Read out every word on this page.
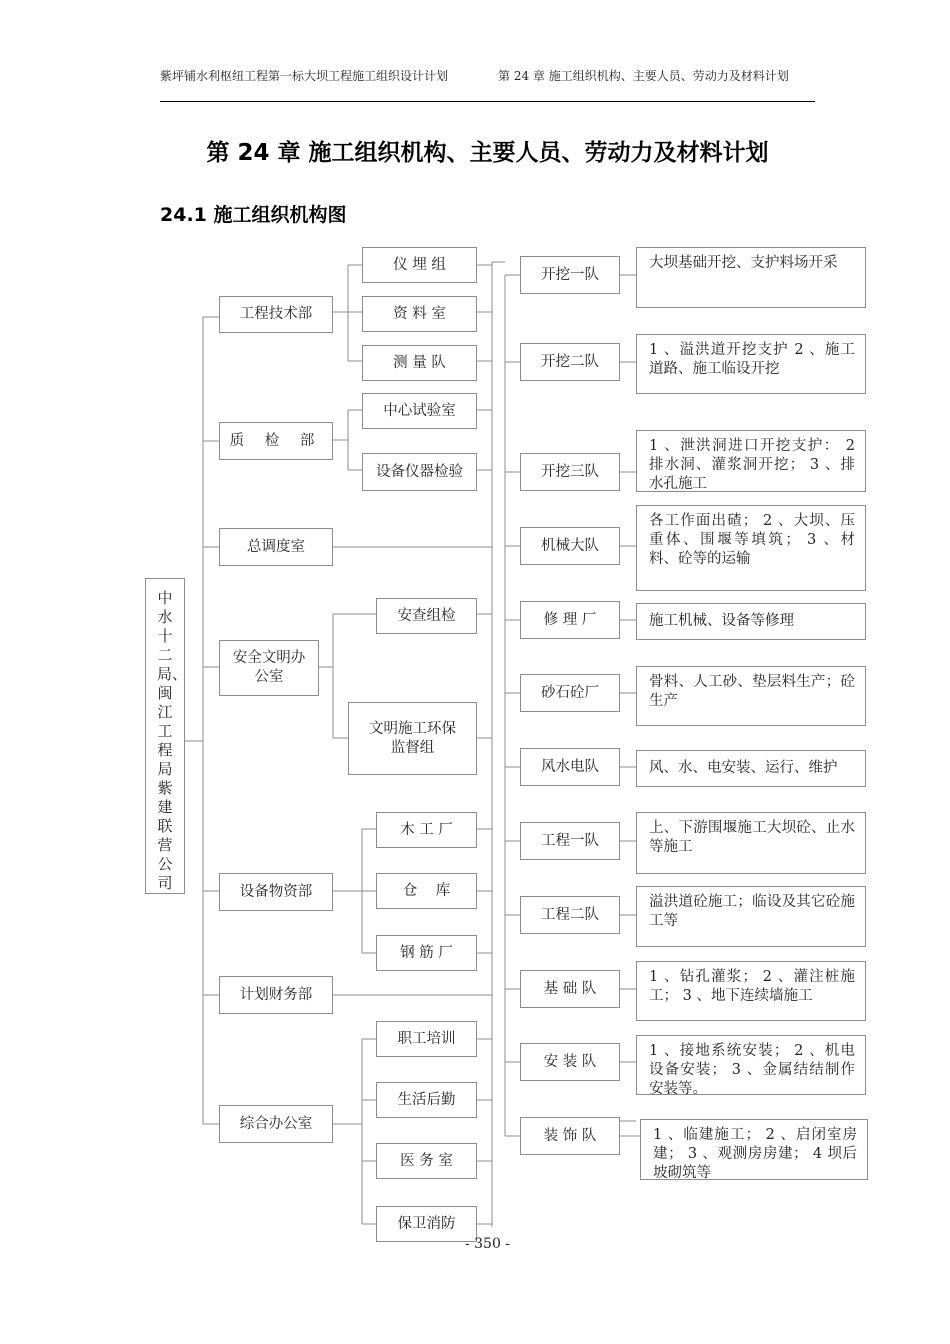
紫坪铺水利枢纽工程第一标大坝工程施工组织设计计划	第 24 章 施工组织机构、主要人员、劳动力及材料计划
第 24 章 施工组织机构、主要人员、劳动力及材料计划
24.1 施工组织机构图
中水十二局、闽江工程局紫建联营公司
工程技术部
质 检 部
总调度室
安全文明办公室
设备物资部
计划财务部
综合办公室
仪 埋 组
资 料 室
测 量 队
中心试验室
设备仪器检验
安查组检
文明施工环保监督组
木 工 厂
仓    库
钢 筋 厂
职工培训
生活后勤
医 务 室
保卫消防
开挖一队
开挖二队
开挖三队
机械大队
修 理 厂
砂石砼厂
风水电队
工程一队
工程二队
基 础 队
安 装 队
装 饰 队
大坝基础开挖、支护料场开采
1 、溢洪道开挖支护 2 、施工道路、施工临设开挖
1 、泄洪洞进口开挖支护： 2 排水洞、灌浆洞开挖； 3 、排水孔施工
各工作面出碴； 2 、大坝、压重体、围堰等填筑； 3 、材料、砼等的运输
施工机械、设备等修理
骨料、人工砂、垫层料生产；砼生产
风、水、电安装、运行、维护
上、下游围堰施工大坝砼、止水等施工
溢洪道砼施工；临设及其它砼施工等
1 、钻孔灌浆； 2 、灌注桩施工； 3 、地下连续墙施工
1 、接地系统安装； 2 、机电设备安装； 3 、金属结结制作安装等。
1 、临建施工； 2 、启闭室房建； 3 、观测房房建； 4 坝后坡砌筑等
- 350 -
